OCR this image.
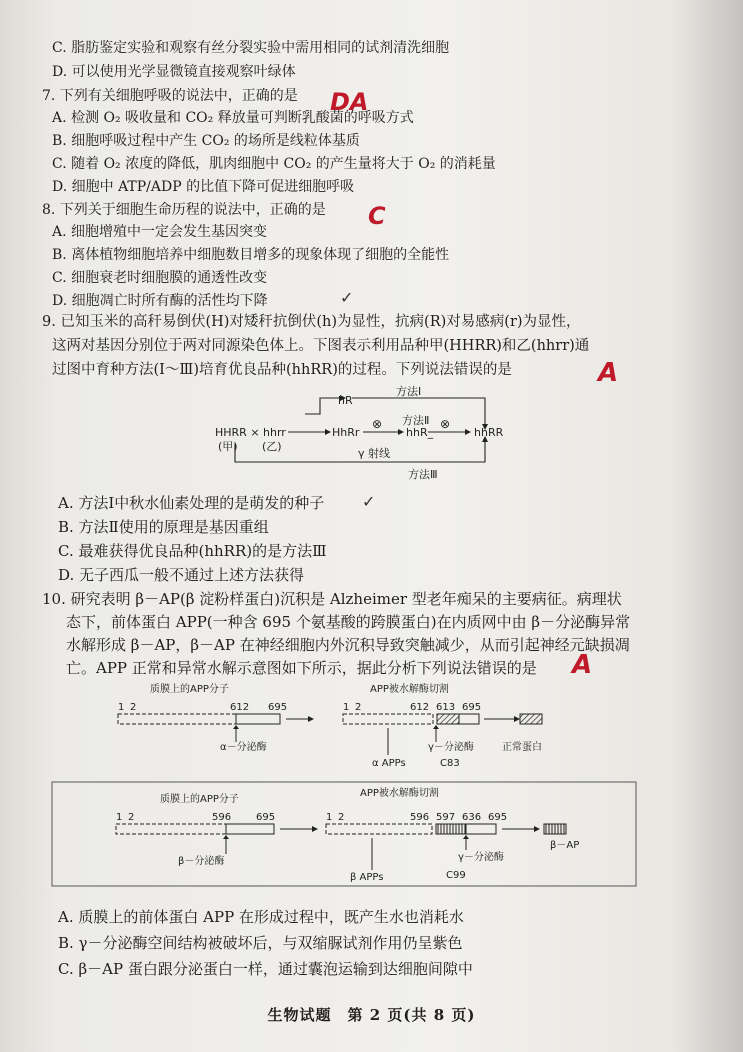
C. 脂肪鉴定实验和观察有丝分裂实验中需用相同的试剂清洗细胞
D. 可以使用光学显微镜直接观察叶绿体
7. 下列有关细胞呼吸的说法中，正确的是 DA
A. 检测 O₂ 吸收量和 CO₂ 释放量可判断乳酸菌的呼吸方式
B. 细胞呼吸过程中产生 CO₂ 的场所是线粒体基质
C. 随着 O₂ 浓度的降低，肌肉细胞中 CO₂ 的产生量将大于 O₂ 的消耗量
D. 细胞中 ATP/ADP 的比值下降可促进细胞呼吸
8. 下列关于细胞生命历程的说法中，正确的是 C
A. 细胞增殖中一定会发生基因突变
B. 离体植物细胞培养中细胞数目增多的现象体现了细胞的全能性
C. 细胞衰老时细胞膜的通透性改变
D. 细胞凋亡时所有酶的活性均下降	✓
9. 已知玉米的高秆易倒伏(H)对矮秆抗倒伏(h)为显性，抗病(R)对易感病(r)为显性，
这两对基因分别位于两对同源染色体上。下图表示利用品种甲(HHRR)和乙(hhrr)通
过图中育种方法(Ⅰ～Ⅲ)培育优良品种(hhRR)的过程。下列说法错误的是	A
HHRR × hhrr
(甲) (乙)
hR
HhRr	hhR_	hhRR
方法Ⅰ
方法Ⅱ
方法Ⅲ
γ 射线
⊗	⊗
A. 方法Ⅰ中秋水仙素处理的是萌发的种子 ✓
B. 方法Ⅱ使用的原理是基因重组
C. 最难获得优良品种(hhRR)的是方法Ⅲ
D. 无子西瓜一般不通过上述方法获得
10. 研究表明 β－AP(β 淀粉样蛋白)沉积是 Alzheimer 型老年痴呆的主要病征。病理状
态下，前体蛋白 APP(一种含 695 个氨基酸的跨膜蛋白)在内质网中由 β－分泌酶异常
水解形成 β－AP，β－AP 在神经细胞内外沉积导致突触减少，从而引起神经元缺损凋
亡。APP 正常和异常水解示意图如下所示，据此分析下列说法错误的是 A
质膜上的APP分子	APP被水解酶切割
1 2	612 695	1 2	612 613 695
α－分泌酶
α APPs
γ－分泌酶
C83
正常蛋白
质膜上的APP分子
APP被水解酶切割
1 2	596 695	1 2	596 597 636 695
β－分泌酶
β APPs
γ－分泌酶
C99
β－AP
A. 质膜上的前体蛋白 APP 在形成过程中，既产生水也消耗水
B. γ－分泌酶空间结构被破坏后，与双缩脲试剂作用仍呈紫色
C. β－AP 蛋白跟分泌蛋白一样，通过囊泡运输到达细胞间隙中
生物试题　第 2 页(共 8 页)
